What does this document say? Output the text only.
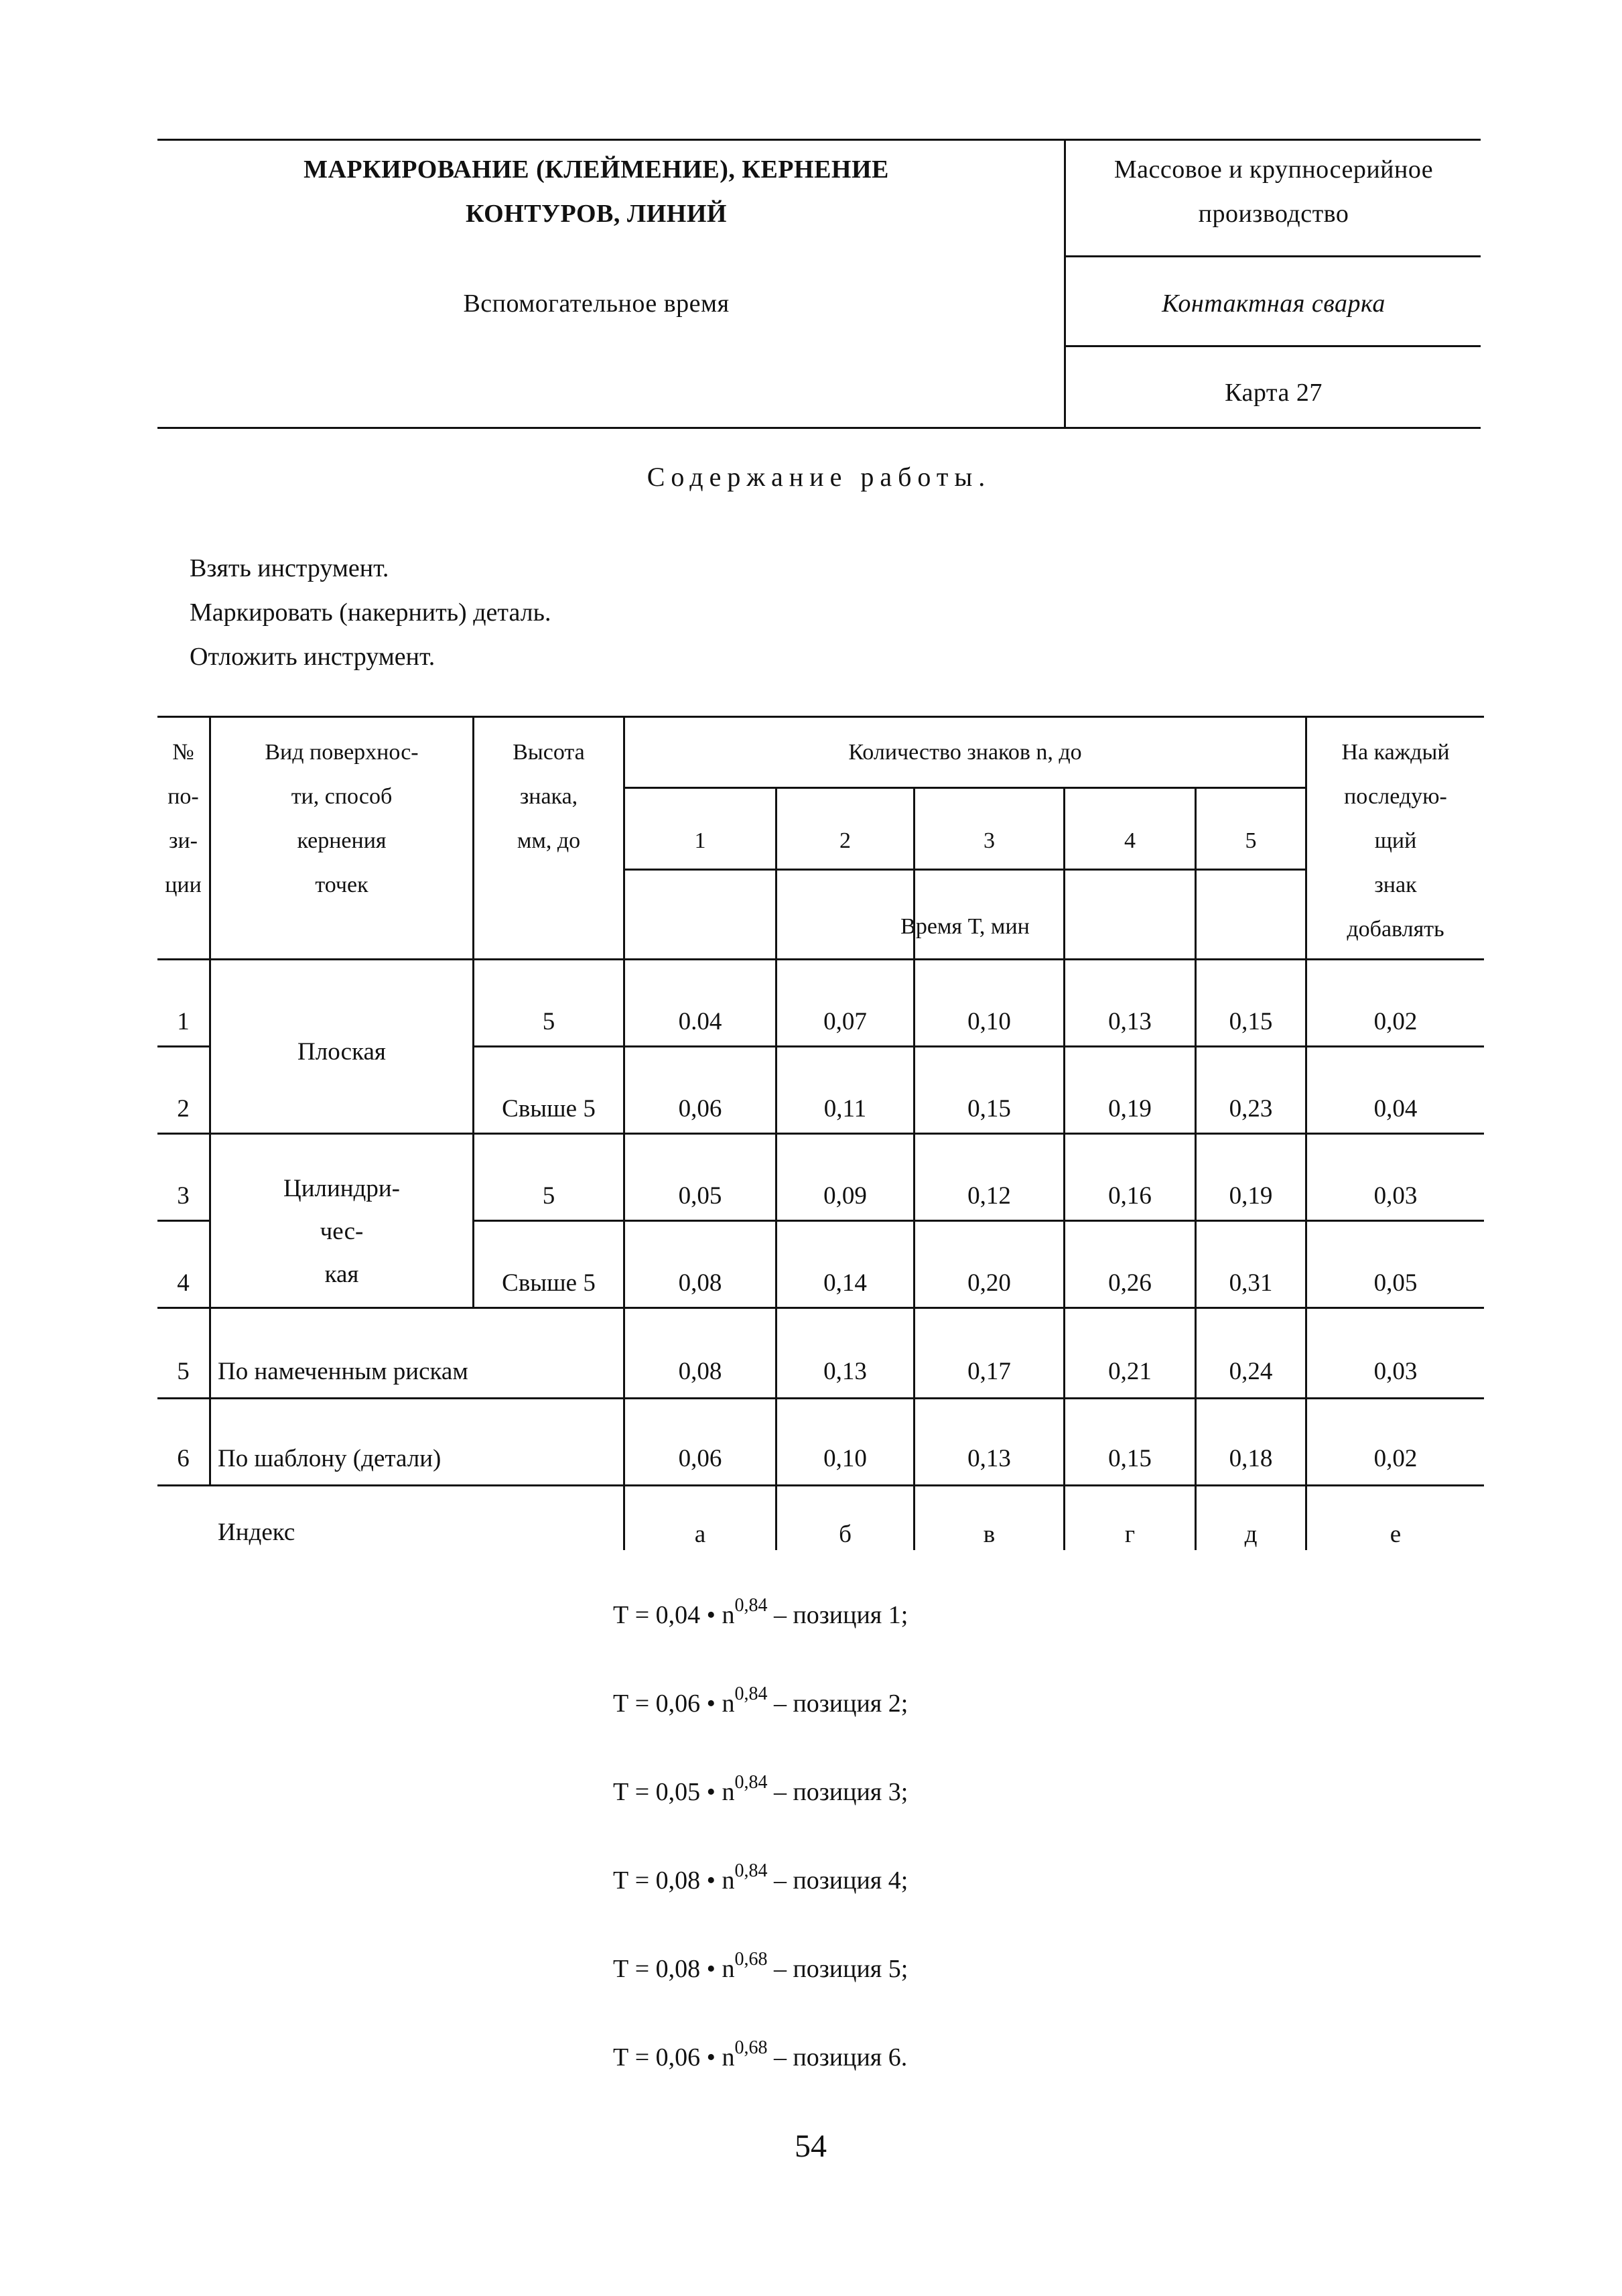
МАРКИРОВАНИЕ (КЛЕЙМЕНИЕ), КЕРНЕНИЕ
КОНТУРОВ, ЛИНИЙ
Вспомогательное время
Массовое и крупносерийное
производство
Контактная сварка
Карта 27
Содержание работы.
Взять инструмент.
Маркировать (накернить) деталь.
Отложить инструмент.
№
по-
зи-
ции
Вид поверхнос-
ти, способ
кернения
точек
Высота
знака,
мм, до
Количество знаков n, до
1	2	3	4	5
Время Т, мин
На каждый
последую-
щий
знак
добавлять
Плоская
Цилиндри-
чес-
кая
1	5	0.04	0,07	0,10	0,13	0,15	0,02
2	Свыше 5	0,06	0,11	0,15	0,19	0,23	0,04
3	5	0,05	0,09	0,12	0,16	0,19	0,03
4	Свыше 5	0,08	0,14	0,20	0,26	0,31	0,05
5	По намеченным рискам	0,08	0,13	0,17	0,21	0,24	0,03
6	По шаблону (детали)	0,06	0,10	0,13	0,15	0,18	0,02
Индекс	а	б	в	г	д	е
Т = 0,04 • $n^{0,84}$ – позиция 1;
Т = 0,06 • $n^{0,84}$ – позиция 2;
Т = 0,05 • $n^{0,84}$ – позиция 3;
Т = 0,08 • $n^{0,84}$ – позиция 4;
Т = 0,08 • $n^{0,68}$ – позиция 5;
Т = 0,06 • $n^{0,68}$ – позиция 6.
54
